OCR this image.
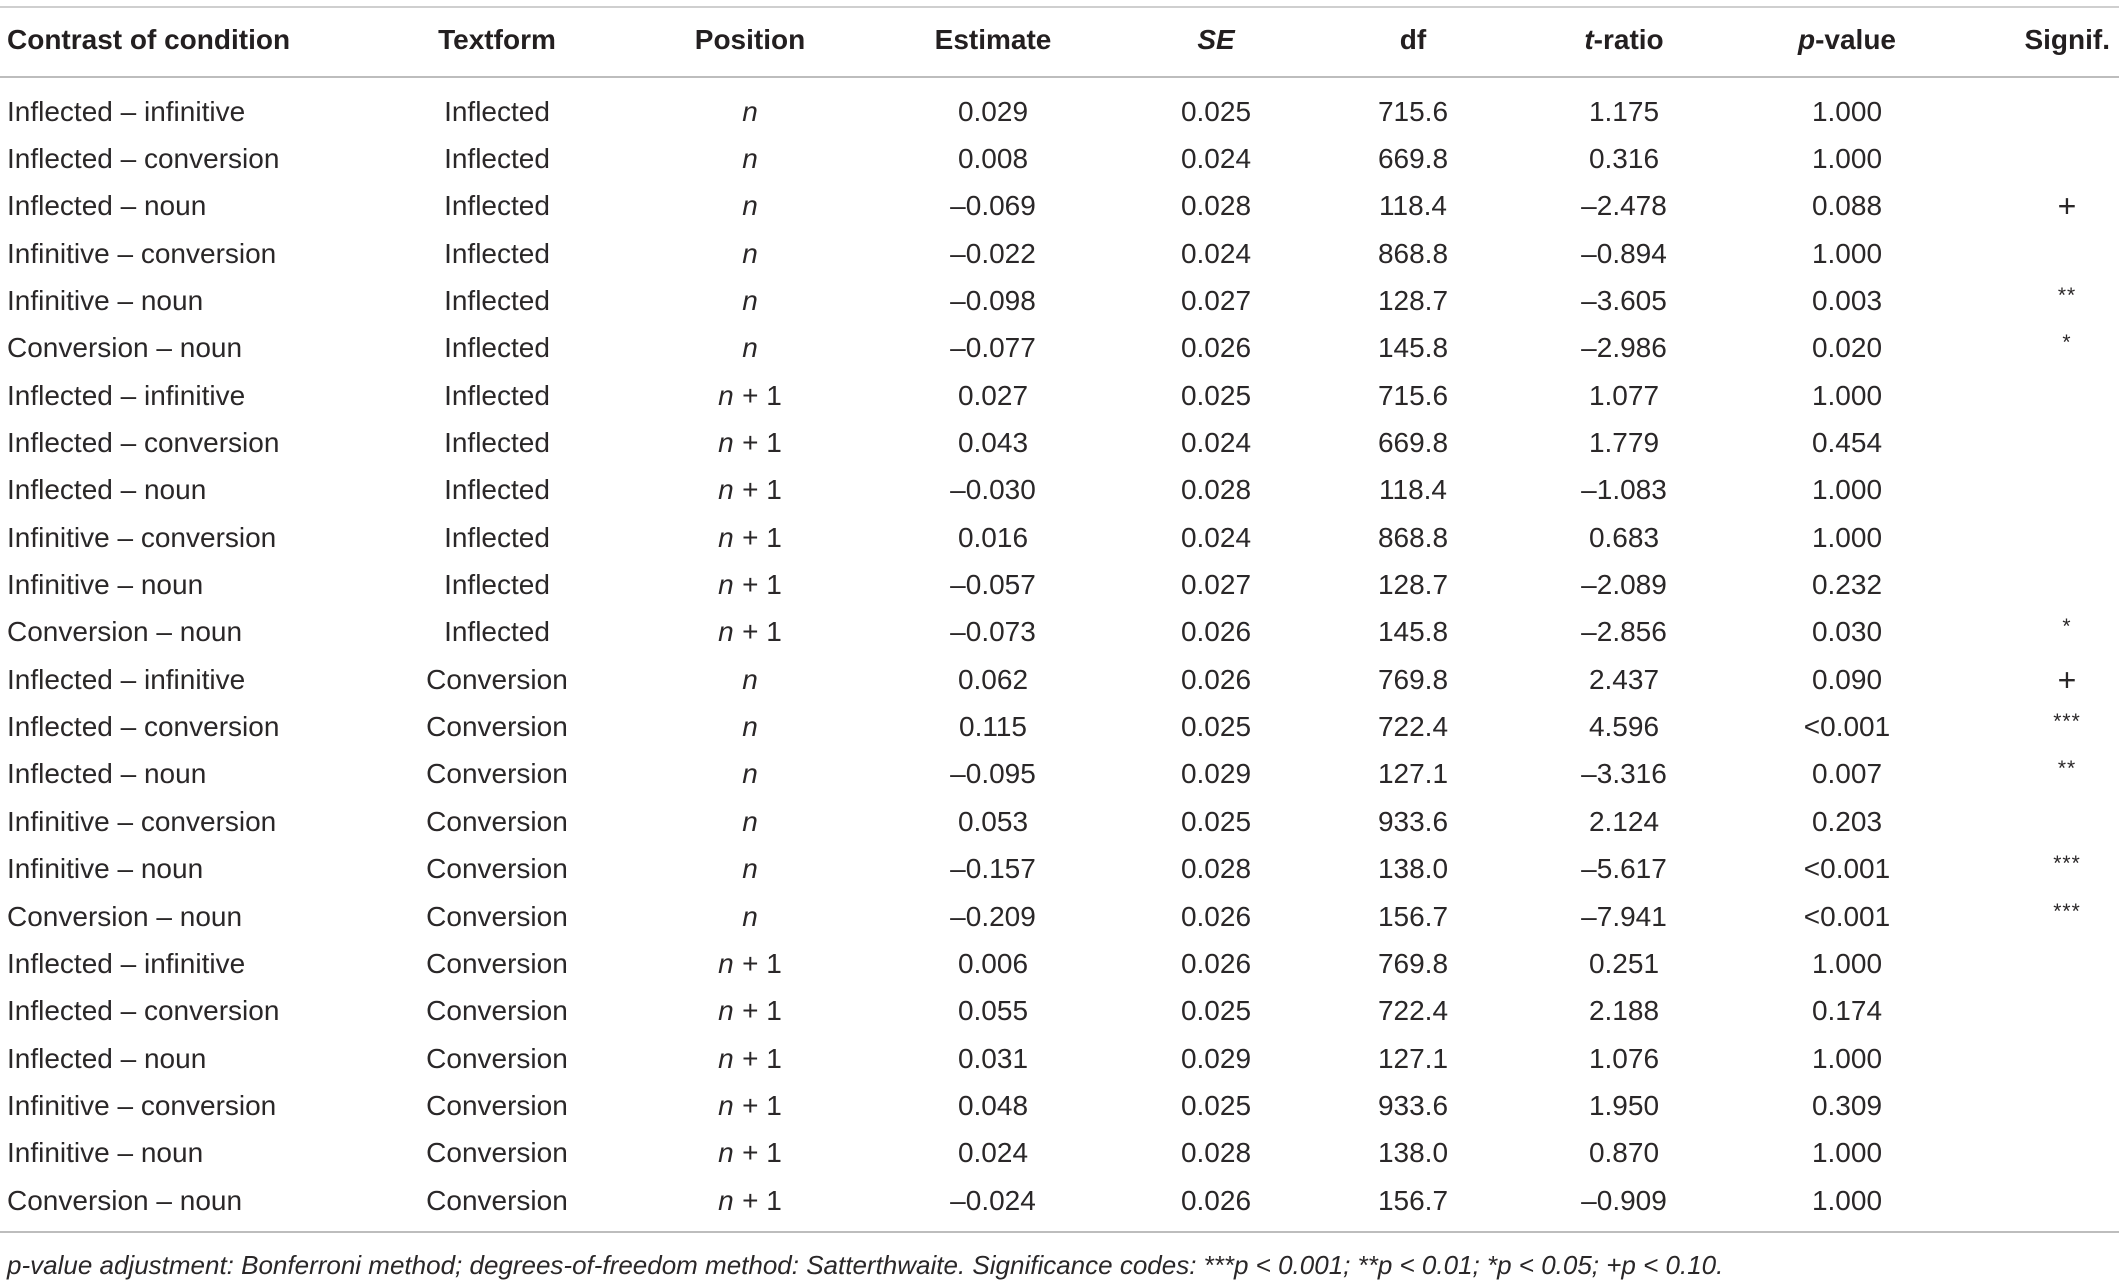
Contrast of condition	Textform	Position	Estimate	SE	df	t-ratio	p-value	Signif.
Inflected – infinitive	Inflected	n	0.029	0.025	715.6	1.175	1.000
Inflected – conversion	Inflected	n	0.008	0.024	669.8	0.316	1.000
Inflected – noun	Inflected	n	–0.069	0.028	118.4	–2.478	0.088	+
Infinitive – conversion	Inflected	n	–0.022	0.024	868.8	–0.894	1.000
Infinitive – noun	Inflected	n	–0.098	0.027	128.7	–3.605	0.003	**
Conversion – noun	Inflected	n	–0.077	0.026	145.8	–2.986	0.020	*
Inflected – infinitive	Inflected	n + 1	0.027	0.025	715.6	1.077	1.000
Inflected – conversion	Inflected	n + 1	0.043	0.024	669.8	1.779	0.454
Inflected – noun	Inflected	n + 1	–0.030	0.028	118.4	–1.083	1.000
Infinitive – conversion	Inflected	n + 1	0.016	0.024	868.8	0.683	1.000
Infinitive – noun	Inflected	n + 1	–0.057	0.027	128.7	–2.089	0.232
Conversion – noun	Inflected	n + 1	–0.073	0.026	145.8	–2.856	0.030	*
Inflected – infinitive	Conversion	n	0.062	0.026	769.8	2.437	0.090	+
Inflected – conversion	Conversion	n	0.115	0.025	722.4	4.596	<0.001	***
Inflected – noun	Conversion	n	–0.095	0.029	127.1	–3.316	0.007	**
Infinitive – conversion	Conversion	n	0.053	0.025	933.6	2.124	0.203
Infinitive – noun	Conversion	n	–0.157	0.028	138.0	–5.617	<0.001	***
Conversion – noun	Conversion	n	–0.209	0.026	156.7	–7.941	<0.001	***
Inflected – infinitive	Conversion	n + 1	0.006	0.026	769.8	0.251	1.000
Inflected – conversion	Conversion	n + 1	0.055	0.025	722.4	2.188	0.174
Inflected – noun	Conversion	n + 1	0.031	0.029	127.1	1.076	1.000
Infinitive – conversion	Conversion	n + 1	0.048	0.025	933.6	1.950	0.309
Infinitive – noun	Conversion	n + 1	0.024	0.028	138.0	0.870	1.000
Conversion – noun	Conversion	n + 1	–0.024	0.026	156.7	–0.909	1.000
p-value adjustment: Bonferroni method; degrees-of-freedom method: Satterthwaite. Significance codes: ***p < 0.001; **p < 0.01; *p < 0.05; +p < 0.10.
